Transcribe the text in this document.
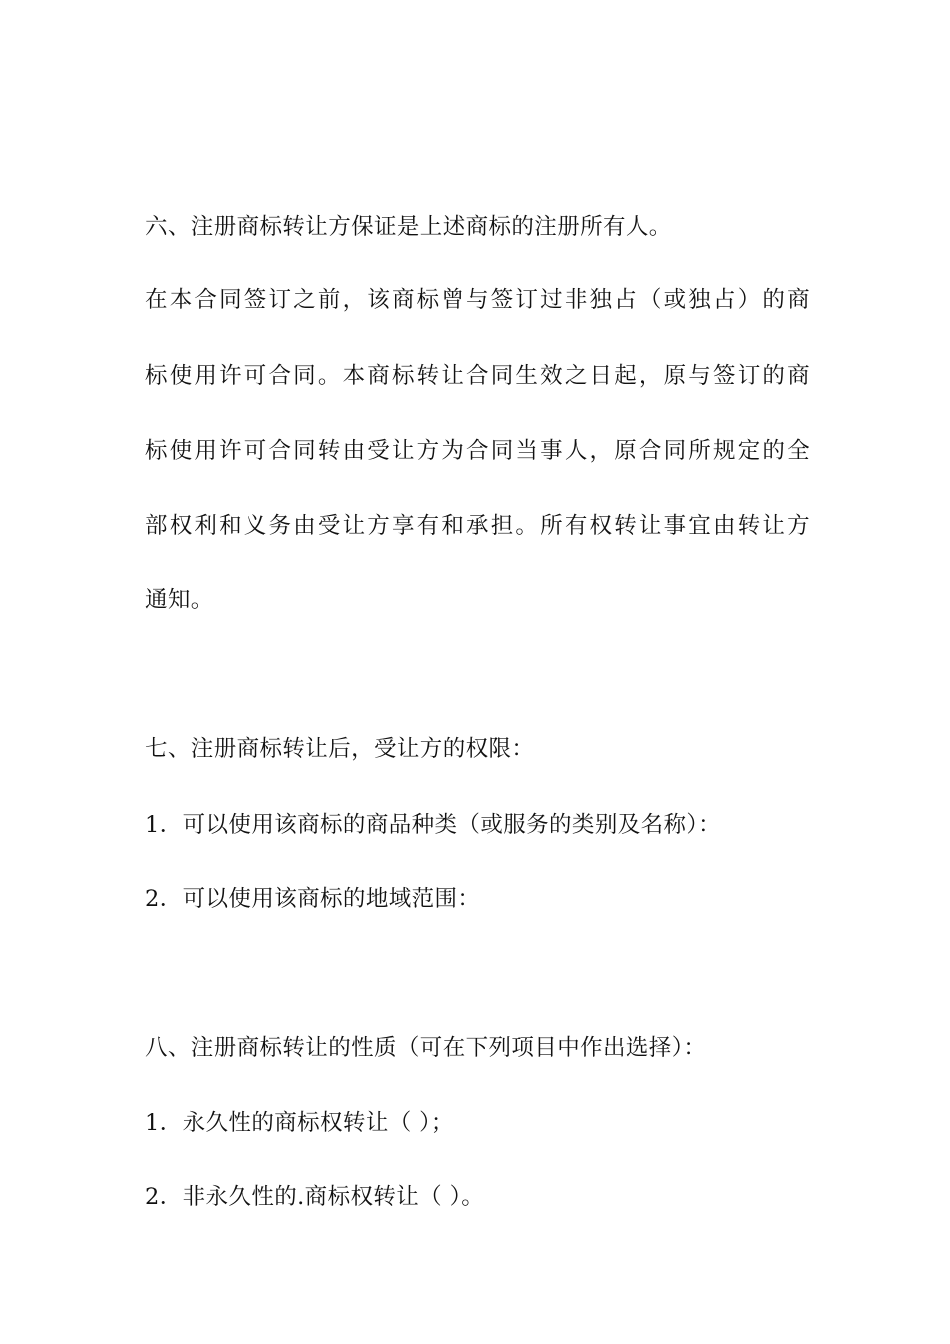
六、注册商标转让方保证是上述商标的注册所有人。
在本合同签订之前，该商标曾与签订过非独占（或独占）的商
标使用许可合同。本商标转让合同生效之日起，原与签订的商
标使用许可合同转由受让方为合同当事人，原合同所规定的全
部权利和义务由受让方享有和承担。所有权转让事宜由转让方
通知。
七、注册商标转让后，受让方的权限：
1．可以使用该商标的商品种类（或服务的类别及名称）：
2．可以使用该商标的地域范围：
八、注册商标转让的性质（可在下列项目中作出选择）：
1．永久性的商标权转让（ ）；
2．非永久性的.商标权转让（ ）。
